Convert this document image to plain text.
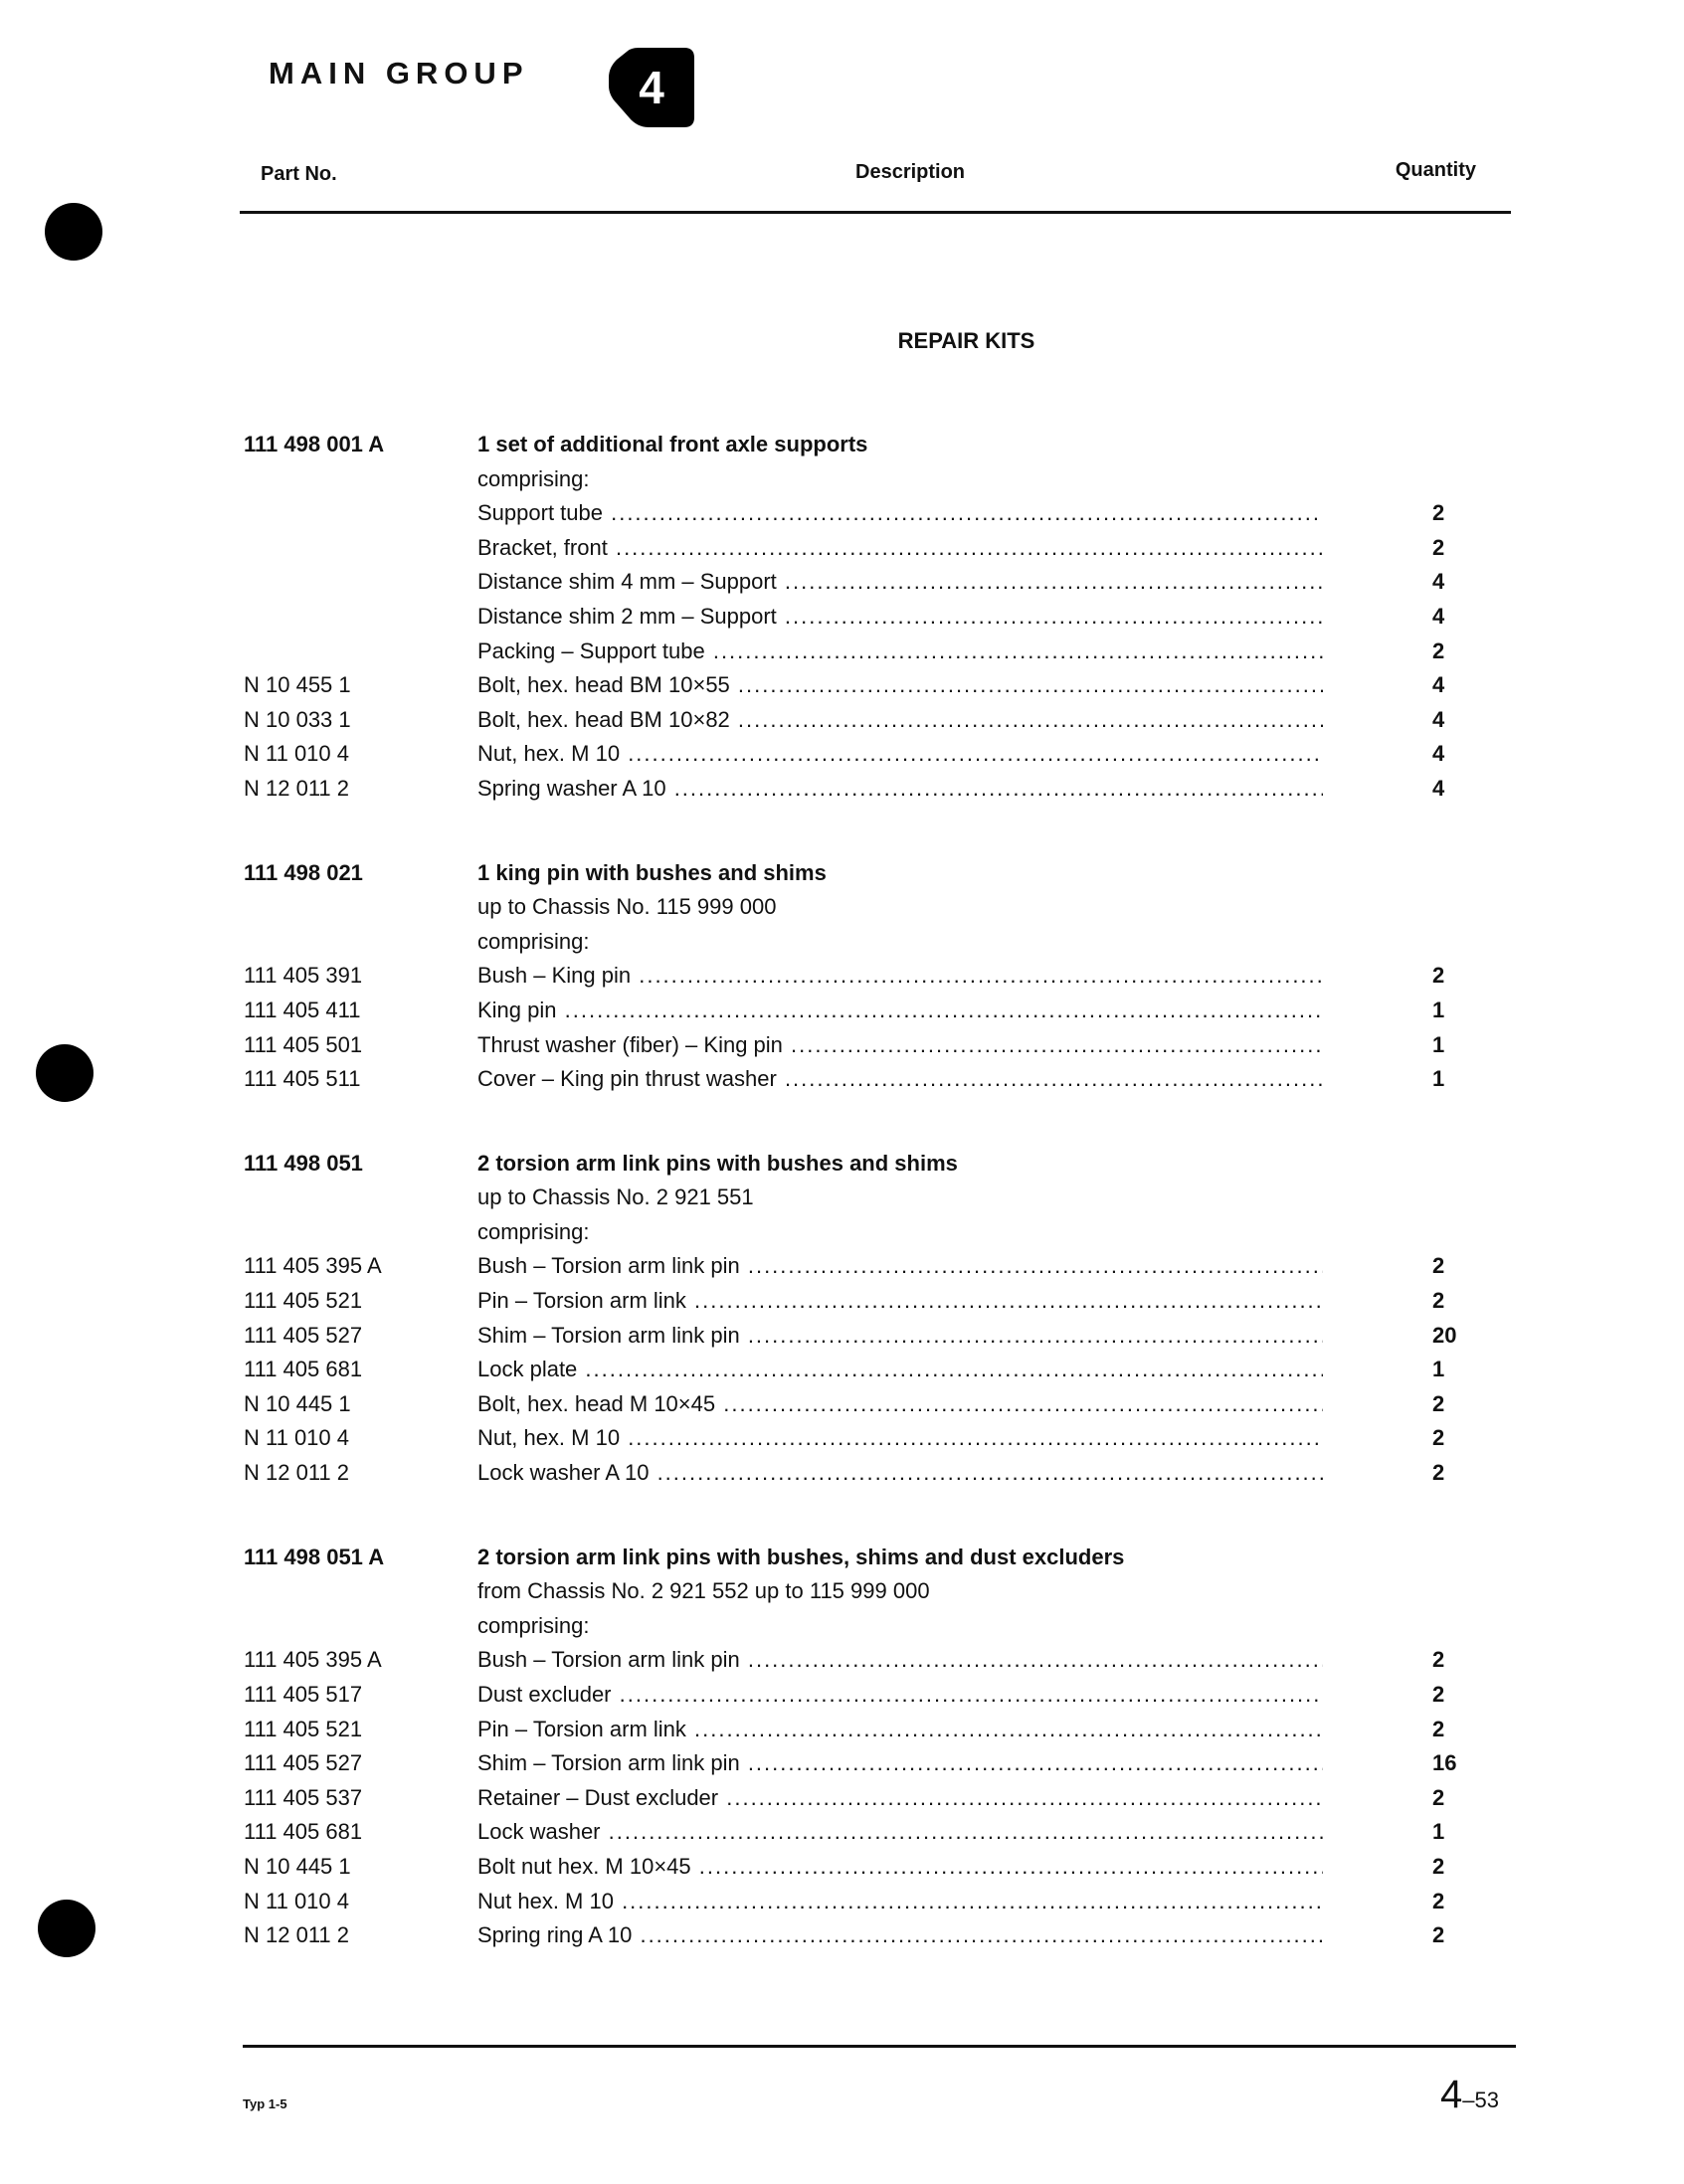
MAIN GROUP	4
Part No.	Description	Quantity
REPAIR KITS
111 498 001 A	1 set of additional front axle supports
comprising:
Support tube .....	2
Bracket, front .....	2
Distance shim 4 mm – Support .....	4
Distance shim 2 mm – Support .....	4
Packing – Support tube .....	2
N 10 455 1	Bolt, hex. head BM 10×55 .....	4
N 10 033 1	Bolt, hex. head BM 10×82 .....	4
N 11 010 4	Nut, hex. M 10 .....	4
N 12 011 2	Spring washer A 10 .....	4
111 498 021	1 king pin with bushes and shims
up to Chassis No. 115 999 000
comprising:
111 405 391	Bush – King pin .....	2
111 405 411	King pin .....	1
111 405 501	Thrust washer (fiber) – King pin .....	1
111 405 511	Cover – King pin thrust washer .....	1
111 498 051	2 torsion arm link pins with bushes and shims
up to Chassis No. 2 921 551
comprising:
111 405 395 A	Bush – Torsion arm link pin .....	2
111 405 521	Pin – Torsion arm link .....	2
111 405 527	Shim – Torsion arm link pin .....	20
111 405 681	Lock plate .....	1
N 10 445 1	Bolt, hex. head M 10×45 .....	2
N 11 010 4	Nut, hex. M 10 .....	2
N 12 011 2	Lock washer A 10 .....	2
111 498 051 A	2 torsion arm link pins with bushes, shims and dust excluders
from Chassis No. 2 921 552 up to 115 999 000
comprising:
111 405 395 A	Bush – Torsion arm link pin .....	2
111 405 517	Dust excluder .....	2
111 405 521	Pin – Torsion arm link .....	2
111 405 527	Shim – Torsion arm link pin .....	16
111 405 537	Retainer – Dust excluder .....	2
111 405 681	Lock washer .....	1
N 10 445 1	Bolt nut hex. M 10×45 .....	2
N 11 010 4	Nut hex. M 10 .....	2
N 12 011 2	Spring ring A 10 .....	2
Typ 1-5	4–53
